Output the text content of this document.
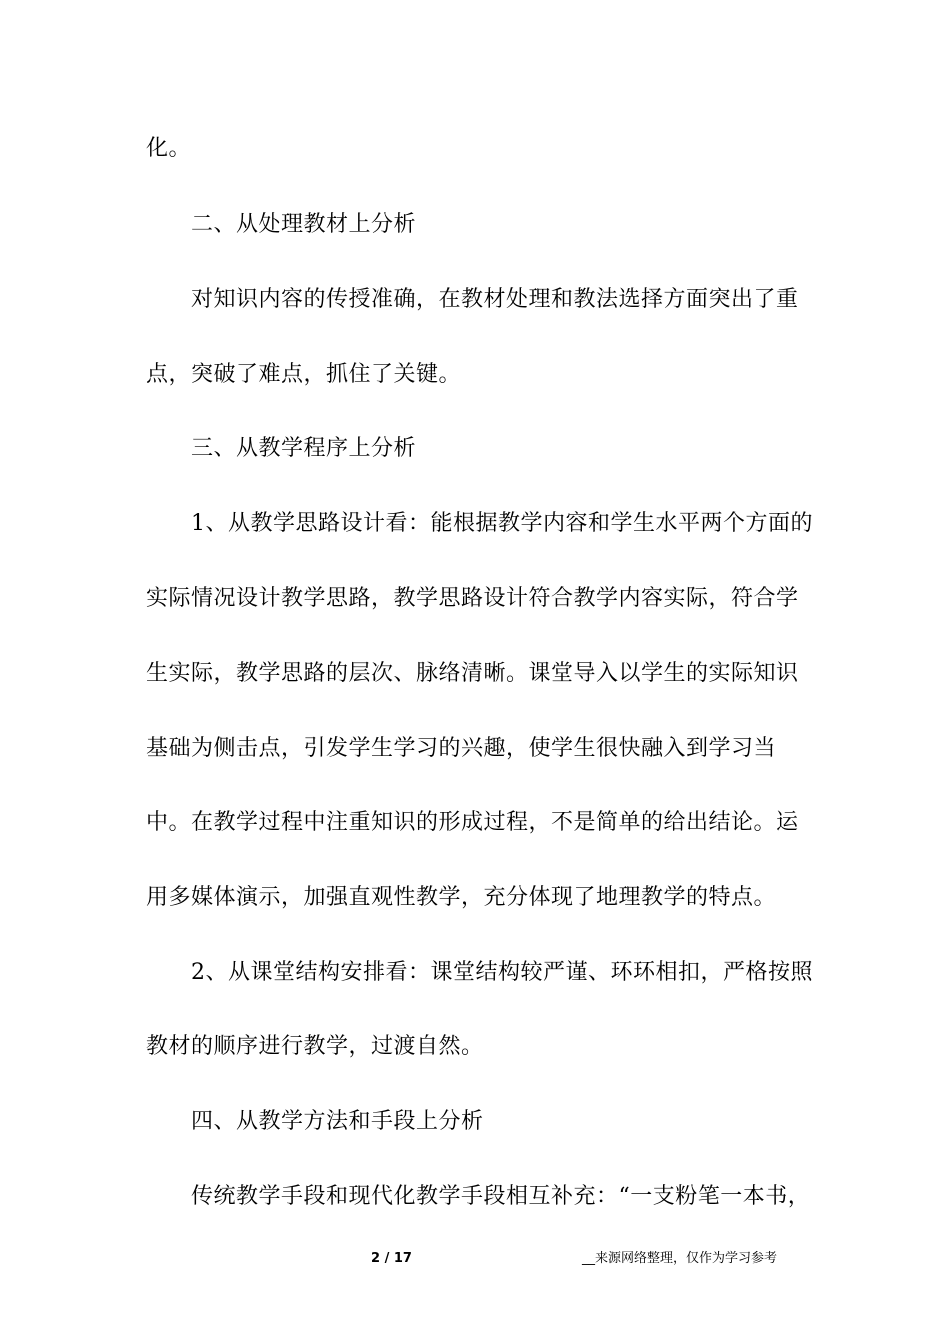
化。
二、从处理教材上分析
对知识内容的传授准确，在教材处理和教法选择方面突出了重
点，突破了难点，抓住了关键。
三、从教学程序上分析
1、从教学思路设计看：能根据教学内容和学生水平两个方面的
实际情况设计教学思路，教学思路设计符合教学内容实际，符合学
生实际，教学思路的层次、脉络清晰。课堂导入以学生的实际知识
基础为侧击点，引发学生学习的兴趣，使学生很快融入到学习当
中。在教学过程中注重知识的形成过程，不是简单的给出结论。运
用多媒体演示，加强直观性教学，充分体现了地理教学的特点。
2、从课堂结构安排看：课堂结构较严谨、环环相扣，严格按照
教材的顺序进行教学，过渡自然。
四、从教学方法和手段上分析
传统教学手段和现代化教学手段相互补充：“一支粉笔一本书，
2 / 17	__来源网络整理，仅作为学习参考
